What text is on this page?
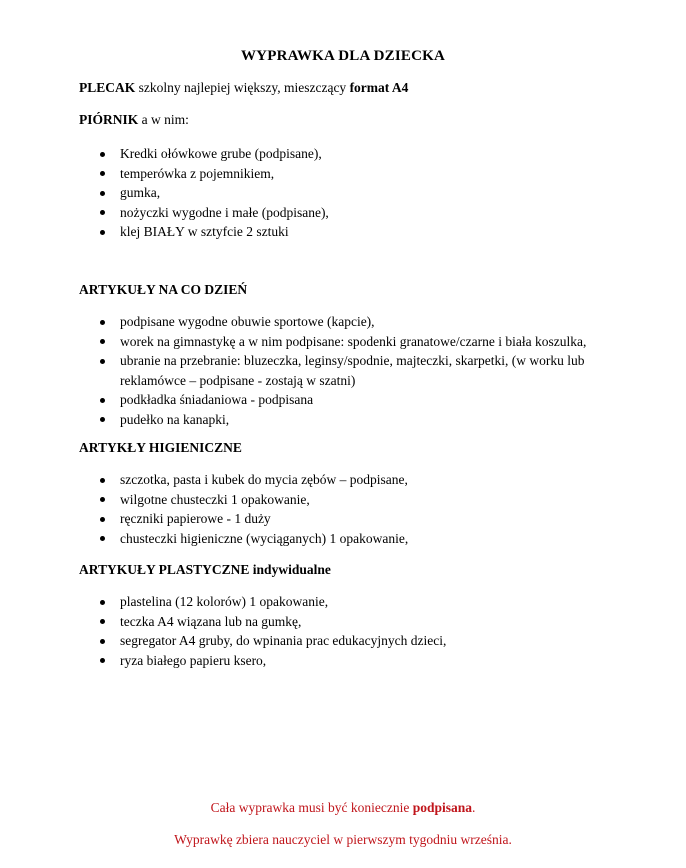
WYPRAWKA DLA DZIECKA
PLECAK szkolny najlepiej większy, mieszczący format A4
PIÓRNIK a w nim:
Kredki ołówkowe grube (podpisane),
temperówka z pojemnikiem,
gumka,
nożyczki wygodne i małe (podpisane),
klej BIAŁY w sztyfcie 2 sztuki
ARTYKUŁY NA CO DZIEŃ
podpisane wygodne obuwie sportowe (kapcie),
worek na gimnastykę a w nim podpisane: spodenki granatowe/czarne i biała koszulka,
ubranie na przebranie: bluzeczka, leginsy/spodnie, majteczki, skarpetki, (w worku lub reklamówce – podpisane - zostają w szatni)
podkładka śniadaniowa - podpisana
pudełko na kanapki,
ARTYKŁY HIGIENICZNE
szczotka, pasta i kubek do mycia zębów – podpisane,
wilgotne chusteczki 1 opakowanie,
ręczniki papierowe - 1 duży
chusteczki higieniczne (wyciąganych) 1 opakowanie,
ARTYKUŁY PLASTYCZNE indywidualne
plastelina (12 kolorów) 1 opakowanie,
teczka A4 wiązana lub na gumkę,
segregator A4 gruby, do wpinania prac edukacyjnych dzieci,
ryza białego papieru ksero,
Cała wyprawka musi być koniecznie podpisana.
Wyprawkę zbiera nauczyciel w pierwszym tygodniu września.
